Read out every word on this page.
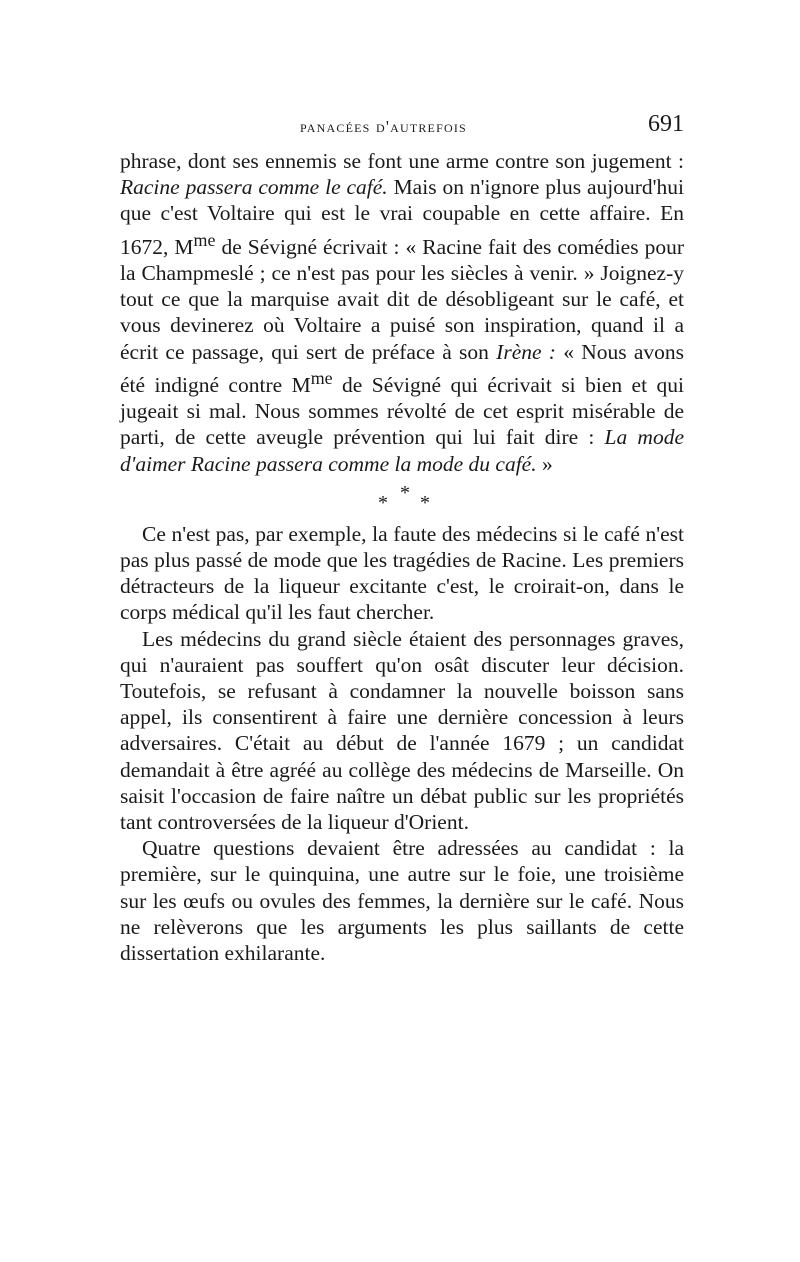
panacées d'autrefois	691

phrase, dont ses ennemis se font une arme contre son jugement : Racine passera comme le café. Mais on n'ignore plus aujourd'hui que c'est Voltaire qui est le vrai coupable en cette affaire. En 1672, $M^{me}$ de Sévigné écrivait : « Racine fait des comédies pour la Champmeslé ; ce n'est pas pour les siècles à venir. » Joignez-y tout ce que la marquise avait dit de désobligeant sur le café, et vous devinerez où Voltaire a puisé son inspiration, quand il a écrit ce passage, qui sert de préface à son Irène : « Nous avons été indigné contre $M^{me}$ de Sévigné qui écrivait si bien et qui jugeait si mal. Nous sommes révolté de cet esprit misérable de parti, de cette aveugle prévention qui lui fait dire : La mode d'aimer Racine passera comme la mode du café. »

*
* *

Ce n'est pas, par exemple, la faute des médecins si le café n'est pas plus passé de mode que les tragédies de Racine. Les premiers détracteurs de la liqueur excitante c'est, le croirait-on, dans le corps médical qu'il les faut chercher.

Les médecins du grand siècle étaient des personnages graves, qui n'auraient pas souffert qu'on osât discuter leur décision. Toutefois, se refusant à condamner la nouvelle boisson sans appel, ils consentirent à faire une dernière concession à leurs adversaires. C'était au début de l'année 1679 ; un candidat demandait à être agréé au collège des médecins de Marseille. On saisit l'occasion de faire naître un débat public sur les propriétés tant controversées de la liqueur d'Orient.

Quatre questions devaient être adressées au candidat : la première, sur le quinquina, une autre sur le foie, une troisième sur les œufs ou ovules des femmes, la dernière sur le café. Nous ne relèverons que les arguments les plus saillants de cette dissertation exhilarante.
